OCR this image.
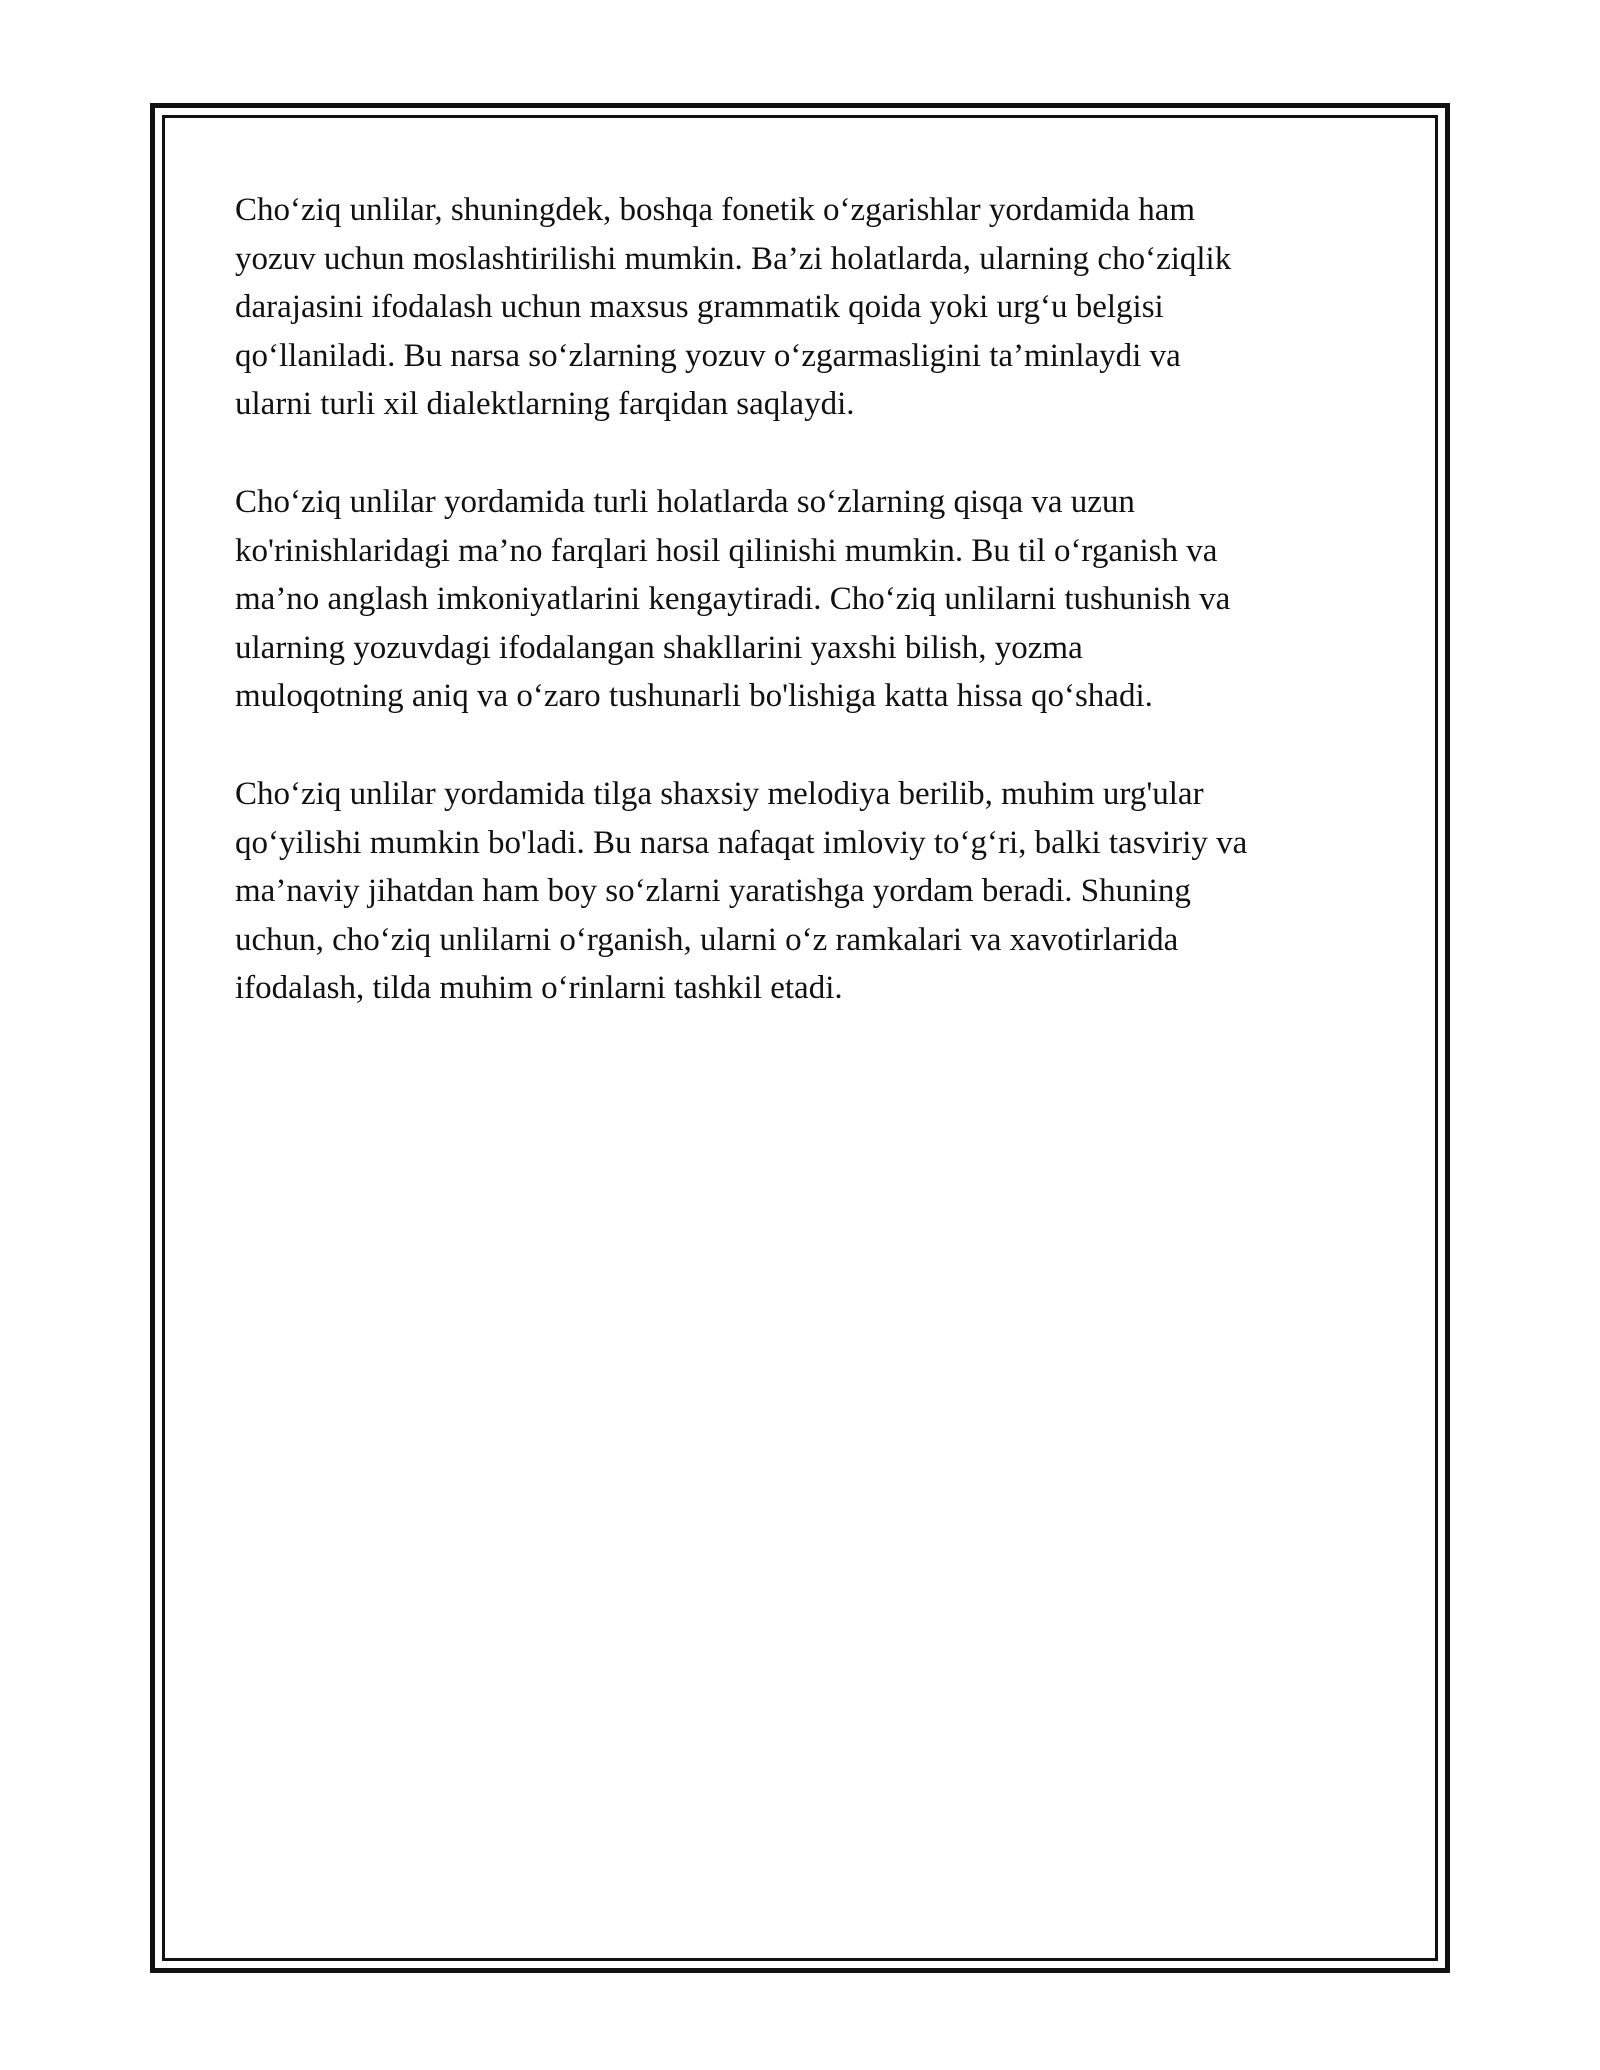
Cho‘ziq unlilar, shuningdek, boshqa fonetik o‘zgarishlar yordamida ham
yozuv uchun moslashtirilishi mumkin. Ba’zi holatlarda, ularning cho‘ziqlik
darajasini ifodalash uchun maxsus grammatik qoida yoki urg‘u belgisi
qo‘llaniladi. Bu narsa so‘zlarning yozuv o‘zgarmasligini ta’minlaydi va
ularni turli xil dialektlarning farqidan saqlaydi.

Cho‘ziq unlilar yordamida turli holatlarda so‘zlarning qisqa va uzun
ko'rinishlaridagi ma’no farqlari hosil qilinishi mumkin. Bu til o‘rganish va
ma’no anglash imkoniyatlarini kengaytiradi. Cho‘ziq unlilarni tushunish va
ularning yozuvdagi ifodalangan shakllarini yaxshi bilish, yozma
muloqotning aniq va o‘zaro tushunarli bo'lishiga katta hissa qo‘shadi.

Cho‘ziq unlilar yordamida tilga shaxsiy melodiya berilib, muhim urg'ular
qo‘yilishi mumkin bo'ladi. Bu narsa nafaqat imloviy to‘g‘ri, balki tasviriy va
ma’naviy jihatdan ham boy so‘zlarni yaratishga yordam beradi. Shuning
uchun, cho‘ziq unlilarni o‘rganish, ularni o‘z ramkalari va xavotirlarida
ifodalash, tilda muhim o‘rinlarni tashkil etadi.
